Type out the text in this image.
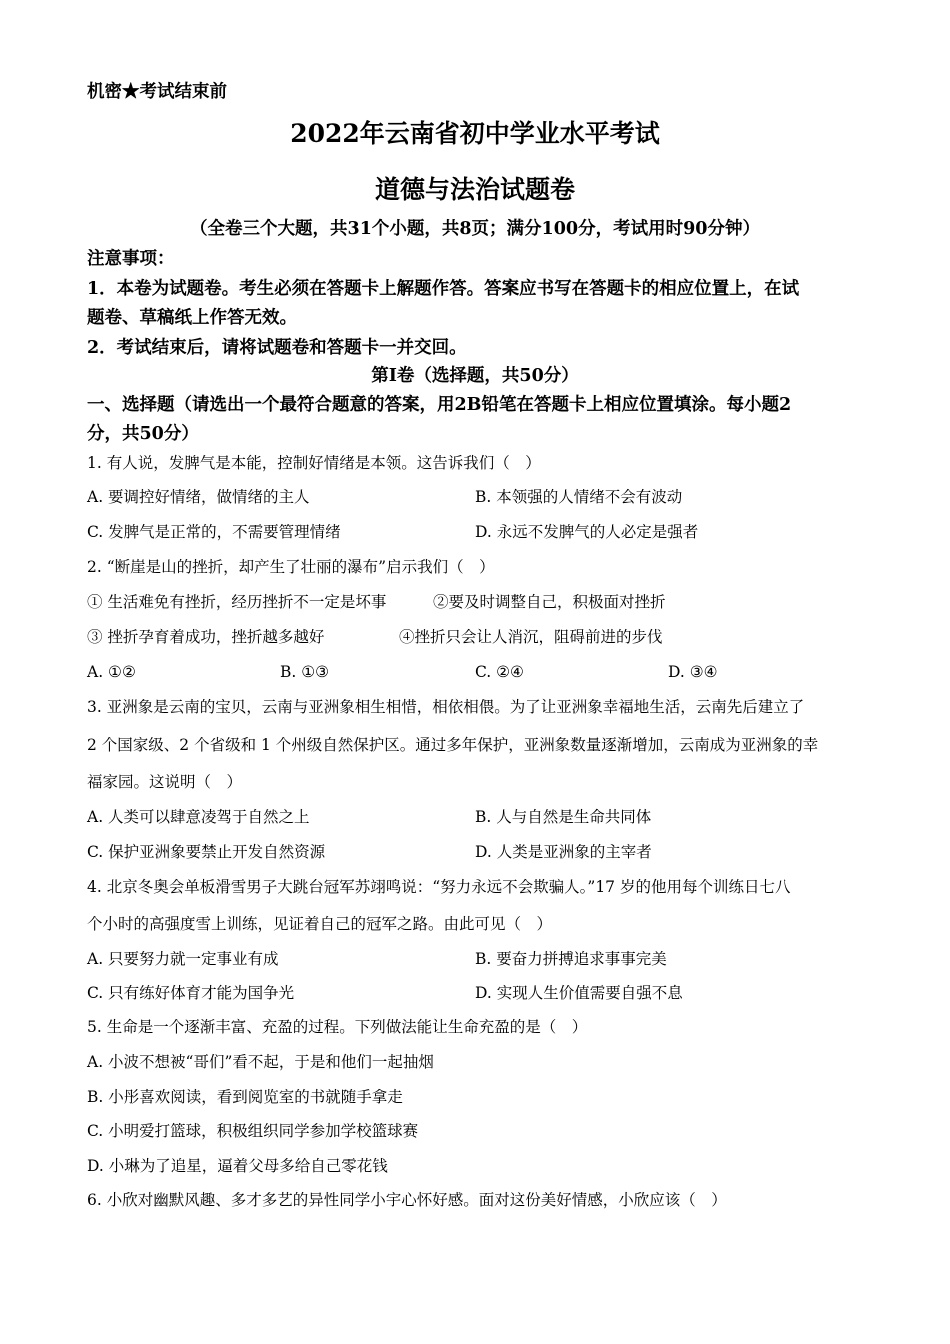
机密★考试结束前
2022年云南省初中学业水平考试
道德与法治试题卷
（全卷三个大题，共31个小题，共8页；满分100分，考试用时90分钟）
注意事项：
1．本卷为试题卷。考生必须在答题卡上解题作答。答案应书写在答题卡的相应位置上，在试
题卷、草稿纸上作答无效。
2．考试结束后，请将试题卷和答题卡一并交回。
第I卷（选择题，共50分）
一、选择题（请选出一个最符合题意的答案，用2B铅笔在答题卡上相应位置填涂。每小题2
分，共50分）
1. 有人说，发脾气是本能，控制好情绪是本领。这告诉我们（　）
A. 要调控好情绪，做情绪的主人	B. 本领强的人情绪不会有波动
C. 发脾气是正常的，不需要管理情绪	D. 永远不发脾气的人必定是强者
2. “断崖是山的挫折，却产生了壮丽的瀑布”启示我们（　）
① 生活难免有挫折，经历挫折不一定是坏事	②要及时调整自己，积极面对挫折
③ 挫折孕育着成功，挫折越多越好	④挫折只会让人消沉，阻碍前进的步伐
A. ①②	B. ①③	C. ②④	D. ③④
3. 亚洲象是云南的宝贝，云南与亚洲象相生相惜，相依相偎。为了让亚洲象幸福地生活，云南先后建立了
2 个国家级、2 个省级和 1 个州级自然保护区。通过多年保护，亚洲象数量逐渐增加，云南成为亚洲象的幸
福家园。这说明（　）
A. 人类可以肆意凌驾于自然之上	B. 人与自然是生命共同体
C. 保护亚洲象要禁止开发自然资源	D. 人类是亚洲象的主宰者
4. 北京冬奥会单板滑雪男子大跳台冠军苏翊鸣说：“努力永远不会欺骗人。”17 岁的他用每个训练日七八
个小时的高强度雪上训练，见证着自己的冠军之路。由此可见（　）
A. 只要努力就一定事业有成	B. 要奋力拼搏追求事事完美
C. 只有练好体育才能为国争光	D. 实现人生价值需要自强不息
5. 生命是一个逐渐丰富、充盈的过程。下列做法能让生命充盈的是（　）
A. 小波不想被“哥们”看不起，于是和他们一起抽烟
B. 小彤喜欢阅读，看到阅览室的书就随手拿走
C. 小明爱打篮球，积极组织同学参加学校篮球赛
D. 小琳为了追星，逼着父母多给自己零花钱
6. 小欣对幽默风趣、多才多艺的异性同学小宇心怀好感。面对这份美好情感，小欣应该（　）
